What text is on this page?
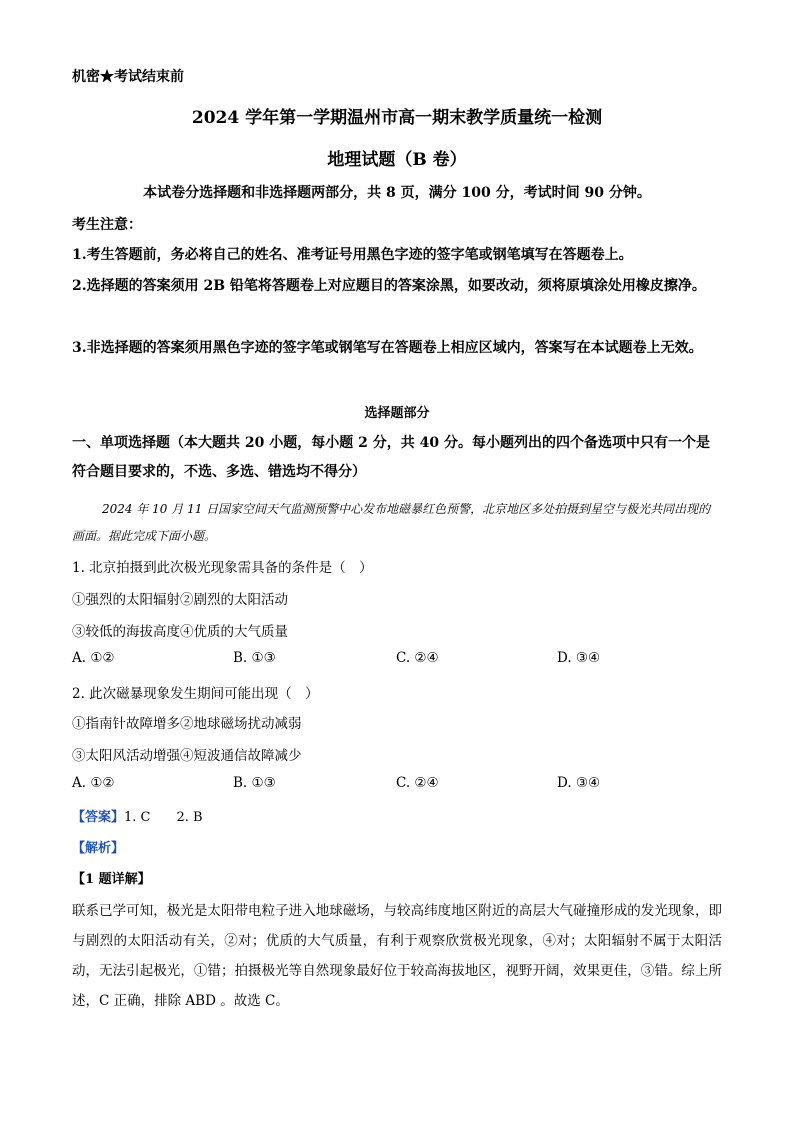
机密★考试结束前
2024 学年第一学期温州市高一期末教学质量统一检测
地理试题（B 卷）
本试卷分选择题和非选择题两部分，共 8 页，满分 100 分，考试时间 90 分钟。
考生注意：
1.考生答题前，务必将自己的姓名、准考证号用黑色字迹的签字笔或钢笔填写在答题卷上。
2.选择题的答案须用 2B 铅笔将答题卷上对应题目的答案涂黑，如要改动，须将原填涂处用橡皮擦净。
3.非选择题的答案须用黑色字迹的签字笔或钢笔写在答题卷上相应区域内，答案写在本试题卷上无效。
选择题部分
一、单项选择题（本大题共 20 小题，每小题 2 分，共 40 分。每小题列出的四个备选项中只有一个是符合题目要求的，不选、多选、错选均不得分）
2024 年 10 月 11 日国家空间天气监测预警中心发布地磁暴红色预警，北京地区多处拍摄到星空与极光共同出现的画面。据此完成下面小题。
1. 北京拍摄到此次极光现象需具备的条件是（　）
①强烈的太阳辐射②剧烈的太阳活动
③较低的海拔高度④优质的大气质量
A. ①②	B. ①③	C. ②④	D. ③④
2. 此次磁暴现象发生期间可能出现（　）
①指南针故障增多②地球磁场扰动减弱
③太阳风活动增强④短波通信故障减少
A. ①②	B. ①③	C. ②④	D. ③④
【答案】1. C　　2. B
【解析】
【1 题详解】
联系已学可知，极光是太阳带电粒子进入地球磁场，与较高纬度地区附近的高层大气碰撞形成的发光现象，即与剧烈的太阳活动有关，②对；优质的大气质量，有利于观察欣赏极光现象，④对；太阳辐射不属于太阳活动，无法引起极光，①错；拍摄极光等自然现象最好位于较高海拔地区，视野开阔，效果更佳，③错。综上所述，C 正确，排除 ABD 。故选 C。
